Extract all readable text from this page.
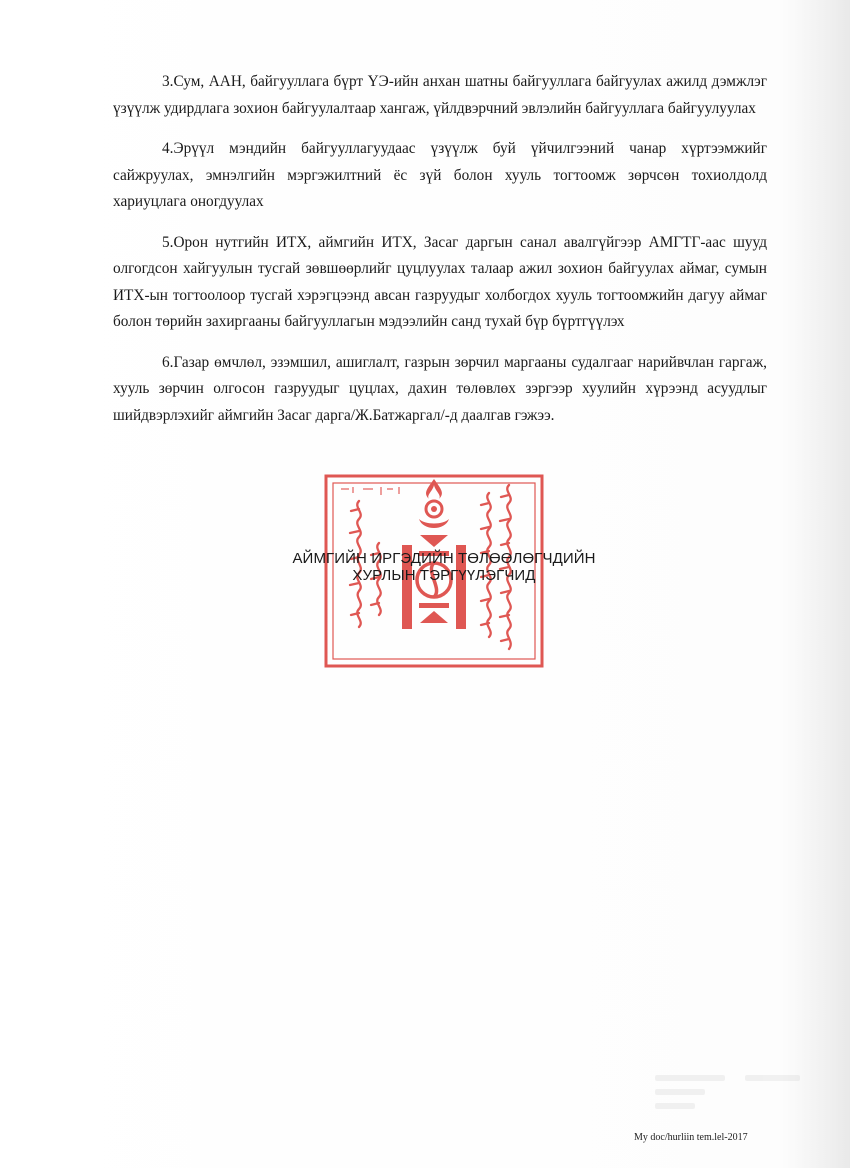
3.Сум, ААН, байгууллага бүрт ҮЭ-ийн анхан шатны байгууллага байгуулах ажилд дэмжлэг үзүүлж удирдлага зохион байгуулалтаар хангаж, үйлдвэрчний эвлэлийн байгууллага байгуулуулах

4.Эрүүл мэндийн байгууллагуудаас үзүүлж буй үйчилгээний чанар хүртээмжийг сайжруулах, эмнэлгийн мэргэжилтний ёс зүй болон хууль тогтоомж зөрчсөн тохиолдолд хариуцлага оногдуулах

5.Орон нутгийн ИТХ, аймгийн ИТХ, Засаг даргын санал авалгүйгээр АМГТГ-аас шууд олгогдсон хайгуулын тусгай зөвшөөрлийг цуцлуулах талаар ажил зохион байгуулах аймаг, сумын ИТХ-ын тогтоолоор тусгай хэрэгцээнд авсан газруудыг холбогдох хууль тогтоомжийн дагуу аймаг болон төрийн захиргааны байгууллагын мэдээлийн санд тухай бүр бүртгүүлэх

6.Газар өмчлөл, эзэмшил, ашиглалт, газрын зөрчил маргааны судалгааг нарийвчлан гаргаж, хууль зөрчин олгосон газруудыг цуцлах, дахин төлөвлөх зэргээр хуулийн хүрээнд асуудлыг шийдвэрлэхийг аймгийн Засаг дарга/Ж.Батжаргал/-д даалгав гэжээ.

АЙМГИЙН ИРГЭДИЙН ТӨЛӨӨЛӨГЧДИЙН
ХУРЛЫН ТЭРГҮҮЛЭГЧИД
My doc/hurliin tem.lel-2017
